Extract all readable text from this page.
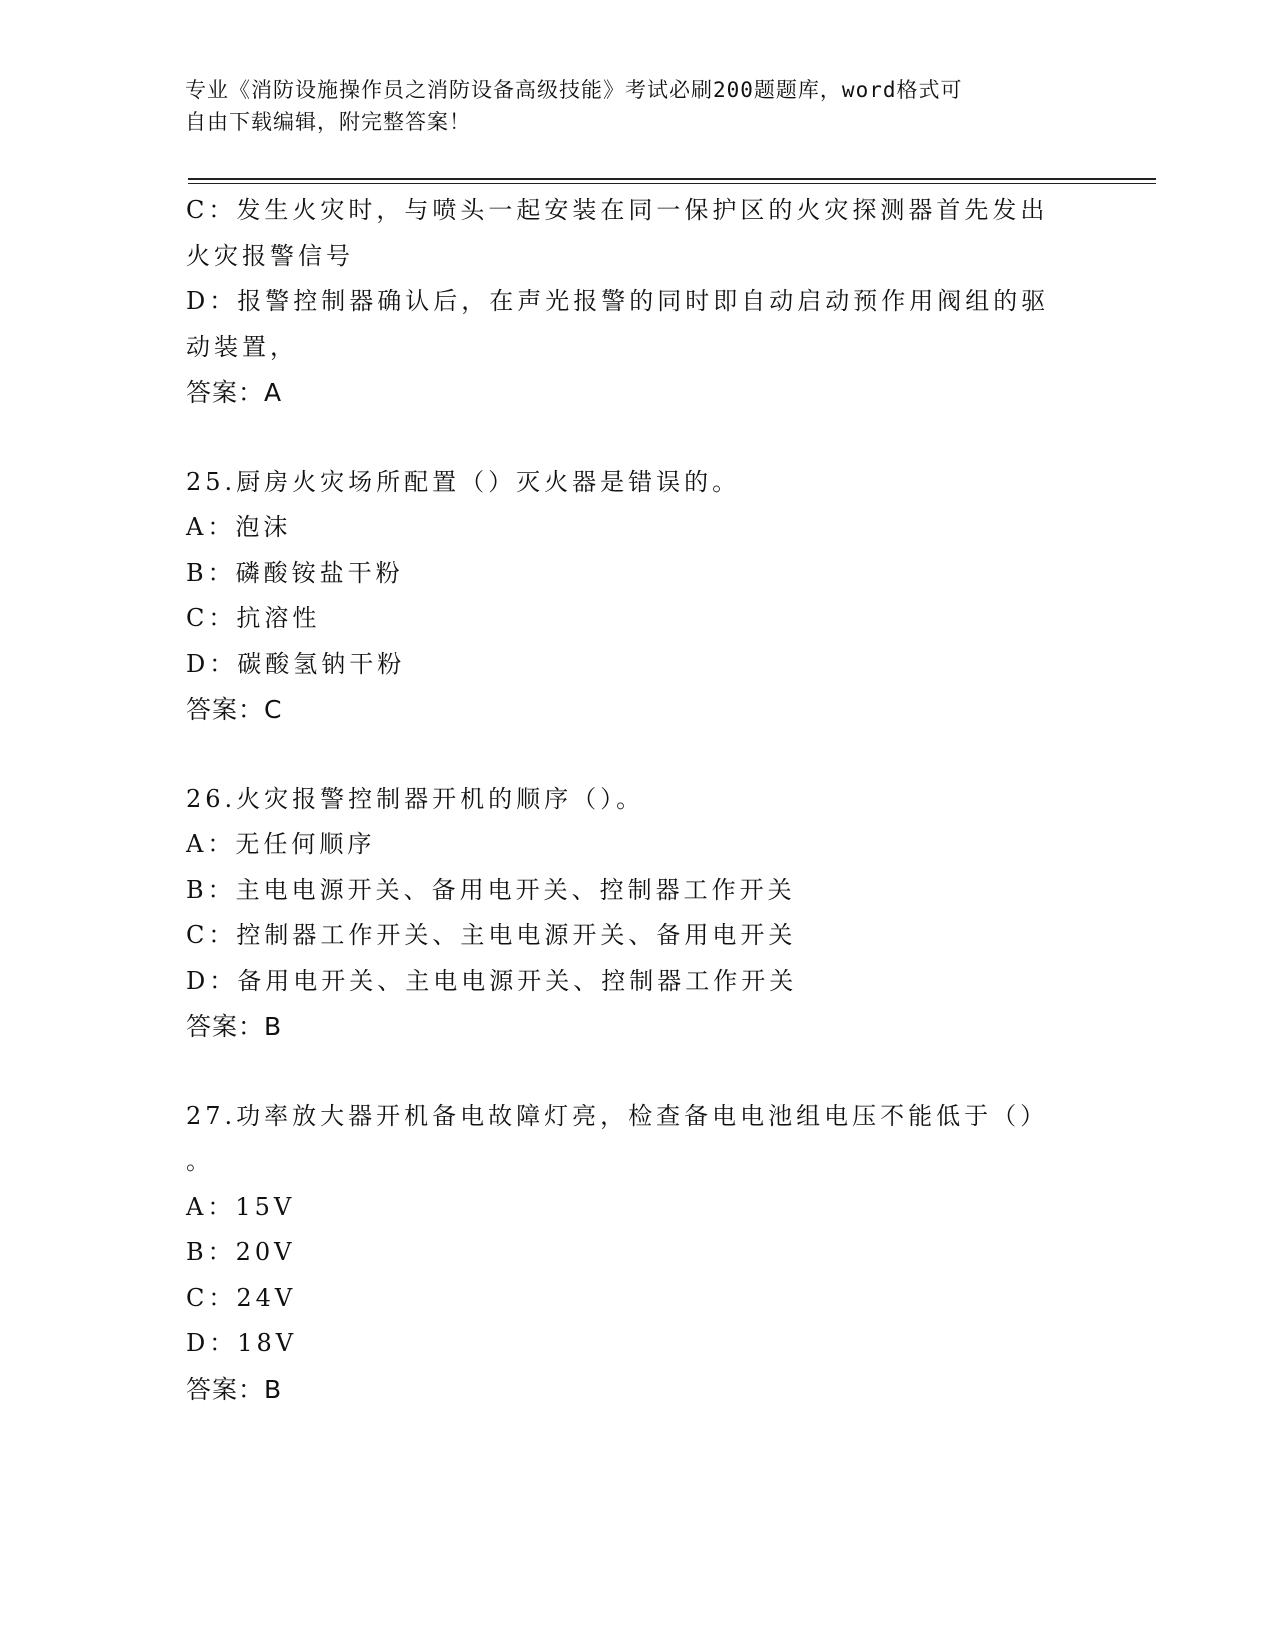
专业《消防设施操作员之消防设备高级技能》考试必刷200题题库，word格式可
自由下载编辑，附完整答案！
C：发生火灾时，与喷头一起安装在同一保护区的火灾探测器首先发出
火灾报警信号
D：报警控制器确认后，在声光报警的同时即自动启动预作用阀组的驱
动装置，
答案：A
25.厨房火灾场所配置（）灭火器是错误的。
A：泡沫
B：磷酸铵盐干粉
C：抗溶性
D：碳酸氢钠干粉
答案：C
26.火灾报警控制器开机的顺序（）。
A：无任何顺序
B：主电电源开关、备用电开关、控制器工作开关
C：控制器工作开关、主电电源开关、备用电开关
D：备用电开关、主电电源开关、控制器工作开关
答案：B
27.功率放大器开机备电故障灯亮，检查备电电池组电压不能低于（）
。
A：15V
B：20V
C：24V
D：18V
答案：B
